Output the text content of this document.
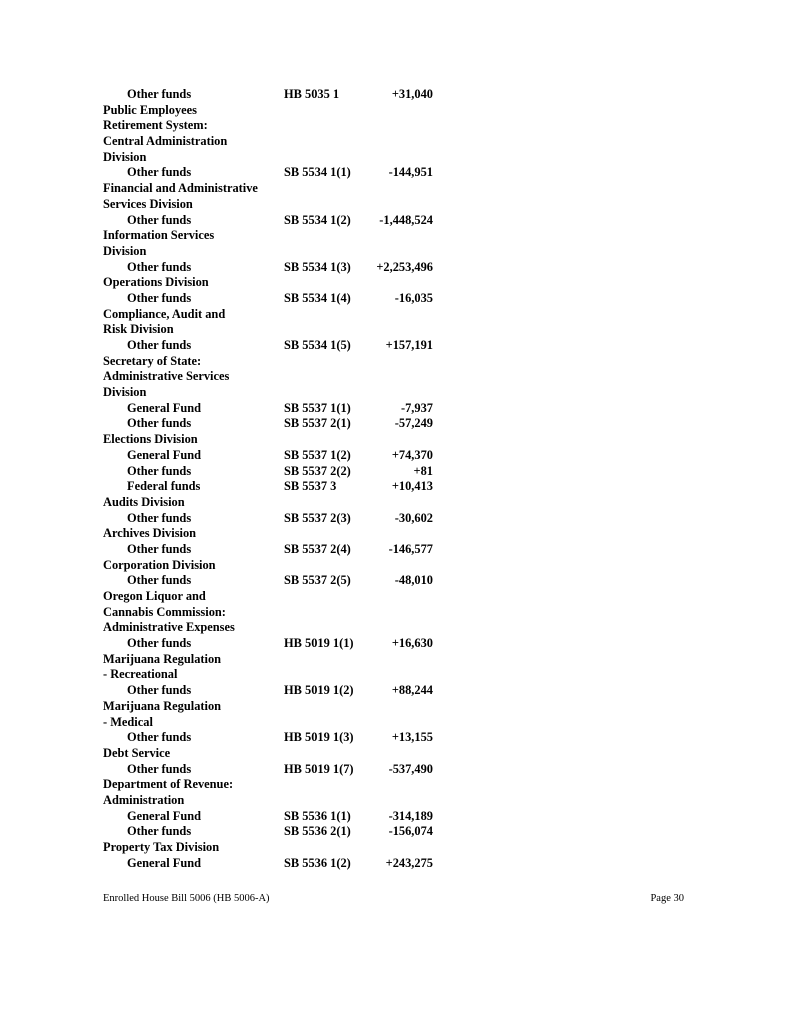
Other funds	HB 5035 1	+31,040
Public Employees
Retirement System:
Central Administration
Division
Other funds	SB 5534 1(1)	-144,951
Financial and Administrative
Services Division
Other funds	SB 5534 1(2) -1,448,524
Information Services
Division
Other funds	SB 5534 1(3) +2,253,496
Operations Division
Other funds	SB 5534 1(4)	-16,035
Compliance, Audit and
Risk Division
Other funds	SB 5534 1(5)	+157,191
Secretary of State:
Administrative Services
Division
General Fund	SB 5537 1(1)	-7,937
Other funds	SB 5537 2(1)	-57,249
Elections Division
General Fund	SB 5537 1(2)	+74,370
Other funds	SB 5537 2(2)	+81
Federal funds	SB 5537 3	+10,413
Audits Division
Other funds	SB 5537 2(3)	-30,602
Archives Division
Other funds	SB 5537 2(4)	-146,577
Corporation Division
Other funds	SB 5537 2(5)	-48,010
Oregon Liquor and
Cannabis Commission:
Administrative Expenses
Other funds	HB 5019 1(1)	+16,630
Marijuana Regulation
- Recreational
Other funds	HB 5019 1(2)	+88,244
Marijuana Regulation
- Medical
Other funds	HB 5019 1(3)	+13,155
Debt Service
Other funds	HB 5019 1(7)	-537,490
Department of Revenue:
Administration
General Fund	SB 5536 1(1)	-314,189
Other funds	SB 5536 2(1)	-156,074
Property Tax Division
General Fund	SB 5536 1(2)	+243,275
Enrolled House Bill 5006 (HB 5006-A)	Page 30
